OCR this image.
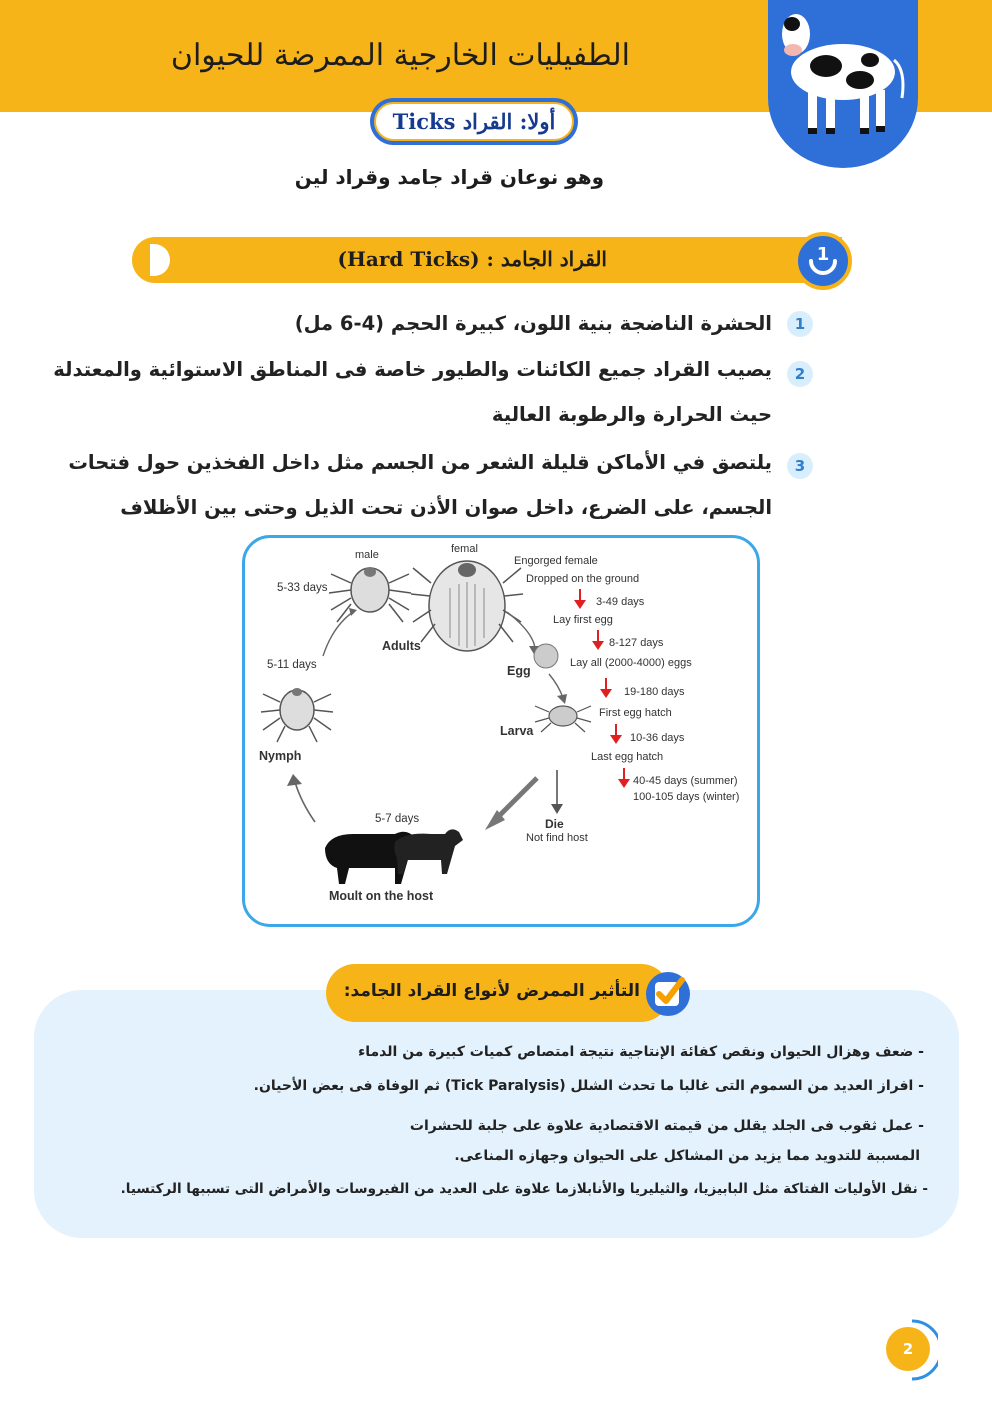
الطفيليات الخارجية الممرضة للحيوان
أولا: القراد Ticks
وهو نوعان قراد جامد وقراد لين
القراد الجامد : (Hard Ticks)	1
1
الحشرة الناضجة بنية اللون، كبيرة الحجم (4-6 مل)
2
يصيب القراد جميع الكائنات والطيور خاصة فى المناطق الاستوائية والمعتدلة
حيث الحرارة والرطوبة العالية
3
يلتصق في الأماكن قليلة الشعر من الجسم مثل داخل الفخذين حول فتحات
الجسم، على الضرع، داخل صوان الأذن تحت الذيل وحتى بين الأظلاف
male	femal
5-33 days
Adults
Egg
Larva
5-11 days
Nymph
Die
Not find host
5-7 days
Moult on the host
Engorged female
Dropped on the ground
3-49 days
Lay first egg
8-127 days
Lay all (2000-4000) eggs
19-180 days
First egg hatch
10-36 days
Last egg hatch
40-45 days (summer)
100-105 days (winter)
التأثير الممرض لأنواع القراد الجامد:
- ضعف وهزال الحيوان ونقص كفائة الإنتاجية نتيجة امتصاص كميات كبيرة من الدماء
- افراز العديد من السموم التى غالبا ما تحدث الشلل (Tick Paralysis) ثم الوفاة فى بعض الأحيان.
- عمل ثقوب فى الجلد يقلل من قيمته الاقتصادية علاوة على جلبة للحشرات
المسببة للتدويد مما يزيد من المشاكل على الحيوان وجهازه المناعى.
- نقل الأوليات الفتاكة مثل البابيزيا، والثيليريا والأنابلازما علاوة على العديد من الفيروسات والأمراض التى تسببها الركتسيا.
2
